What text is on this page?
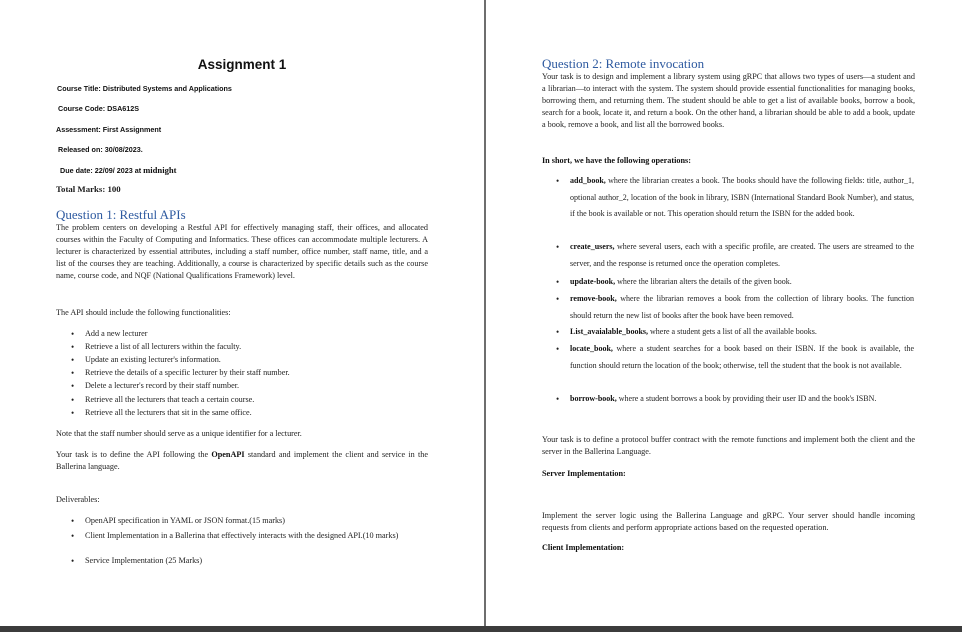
Assignment 1
Course Title: Distributed Systems and Applications
Course Code: DSA612S
Assessment: First Assignment
Released on: 30/08/2023.
Due date: 22/09/ 2023 at midnight
Total Marks: 100
Question 1: Restful APIs
The problem centers on developing a Restful API for effectively managing staff, their offices, and allocated courses within the Faculty of Computing and Informatics. These offices can accommodate multiple lecturers. A lecturer is characterized by essential attributes, including a staff number, office number, staff name, title, and a list of the courses they are teaching. Additionally, a course is characterized by specific details such as the course name, course code, and NQF (National Qualifications Framework) level.
The API should include the following functionalities:
• Add a new lecturer
• Retrieve a list of all lecturers within the faculty.
• Update an existing lecturer's information.
• Retrieve the details of a specific lecturer by their staff number.
• Delete a lecturer's record by their staff number.
• Retrieve all the lecturers that teach a certain course.
• Retrieve all the lecturers that sit in the same office.
Note that the staff number should serve as a unique identifier for a lecturer.
Your task is to define the API following the OpenAPI standard and implement the client and service in the Ballerina language.
Deliverables:
• OpenAPI specification in YAML or JSON format.(15 marks)
• Client Implementation in a Ballerina that effectively interacts with the designed API.(10 marks)
• Service Implementation (25 Marks)
Question 2: Remote invocation
Your task is to design and implement a library system using gRPC that allows two types of users—a student and a librarian—to interact with the system. The system should provide essential functionalities for managing books, borrowing them, and returning them. The student should be able to get a list of available books, borrow a book, search for a book, locate it, and return a book. On the other hand, a librarian should be able to add a book, update a book, remove a book, and list all the borrowed books.
In short, we have the following operations:
• add_book, where the librarian creates a book. The books should have the following fields: title, author_1, optional author_2, location of the book in library, ISBN (International Standard Book Number), and status, if the book is available or not. This operation should return the ISBN for the added book.
• create_users, where several users, each with a specific profile, are created. The users are streamed to the server, and the response is returned once the operation completes.
• update-book, where the librarian alters the details of the given book.
• remove-book, where the librarian removes a book from the collection of library books. The function should return the new list of books after the book have been removed.
• List_avaialable_books, where a student gets a list of all the available books.
• locate_book, where a student searches for a book based on their ISBN. If the book is available, the function should return the location of the book; otherwise, tell the student that the book is not available.
• borrow-book, where a student borrows a book by providing their user ID and the book's ISBN.
Your task is to define a protocol buffer contract with the remote functions and implement both the client and the server in the Ballerina Language.
Server Implementation:
Implement the server logic using the Ballerina Language and gRPC. Your server should handle incoming requests from clients and perform appropriate actions based on the requested operation.
Client Implementation:
